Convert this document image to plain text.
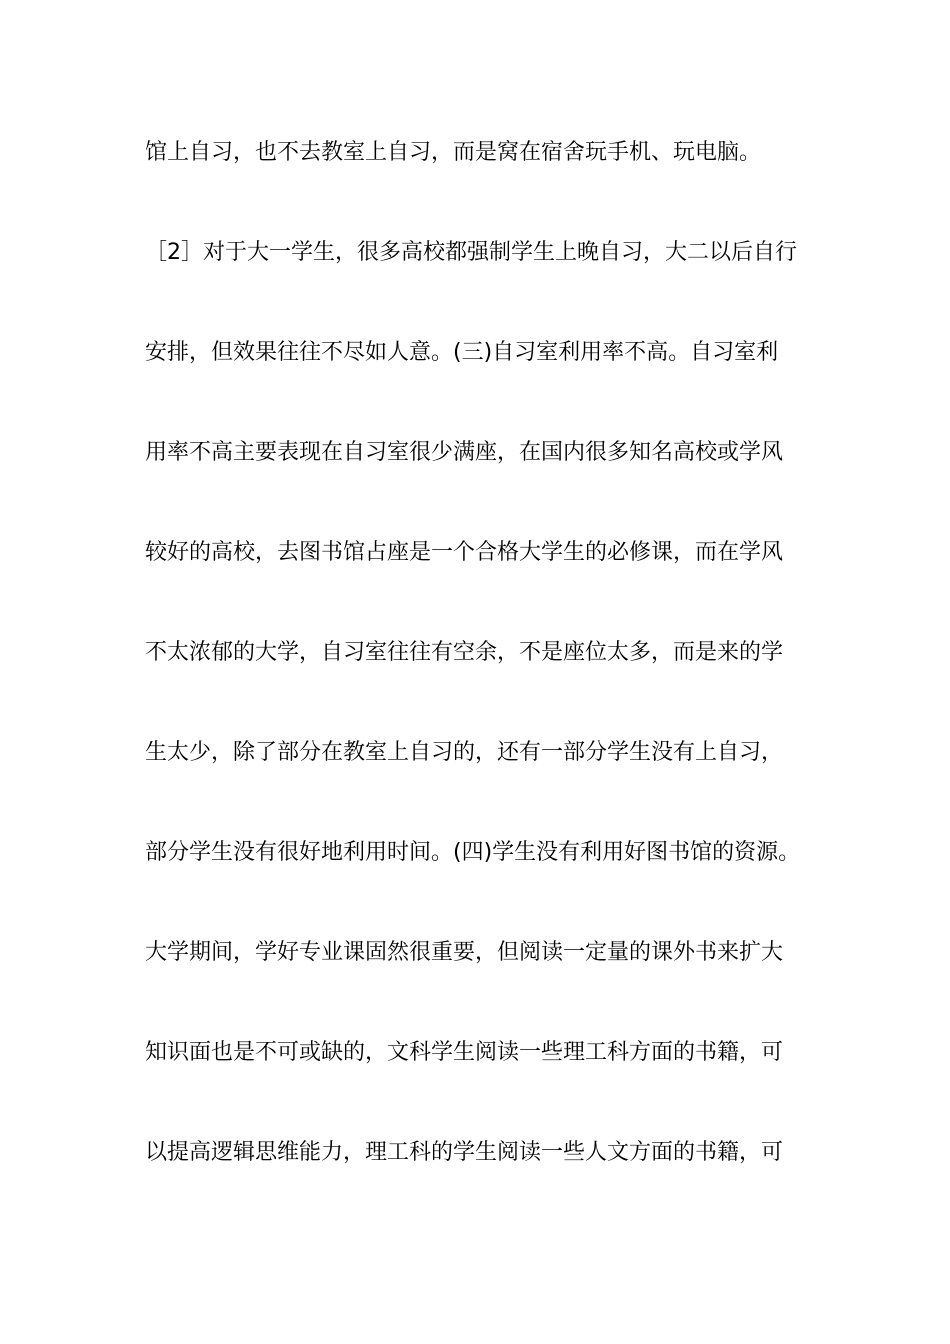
馆上自习，也不去教室上自习，而是窝在宿舍玩手机、玩电脑。
［2］对于大一学生，很多高校都强制学生上晚自习，大二以后自行
安排，但效果往往不尽如人意。(三)自习室利用率不高。自习室利
用率不高主要表现在自习室很少满座，在国内很多知名高校或学风
较好的高校，去图书馆占座是一个合格大学生的必修课，而在学风
不太浓郁的大学，自习室往往有空余，不是座位太多，而是来的学
生太少，除了部分在教室上自习的，还有一部分学生没有上自习，
部分学生没有很好地利用时间。(四)学生没有利用好图书馆的资源。
大学期间，学好专业课固然很重要，但阅读一定量的课外书来扩大
知识面也是不可或缺的，文科学生阅读一些理工科方面的书籍，可
以提高逻辑思维能力，理工科的学生阅读一些人文方面的书籍，可
